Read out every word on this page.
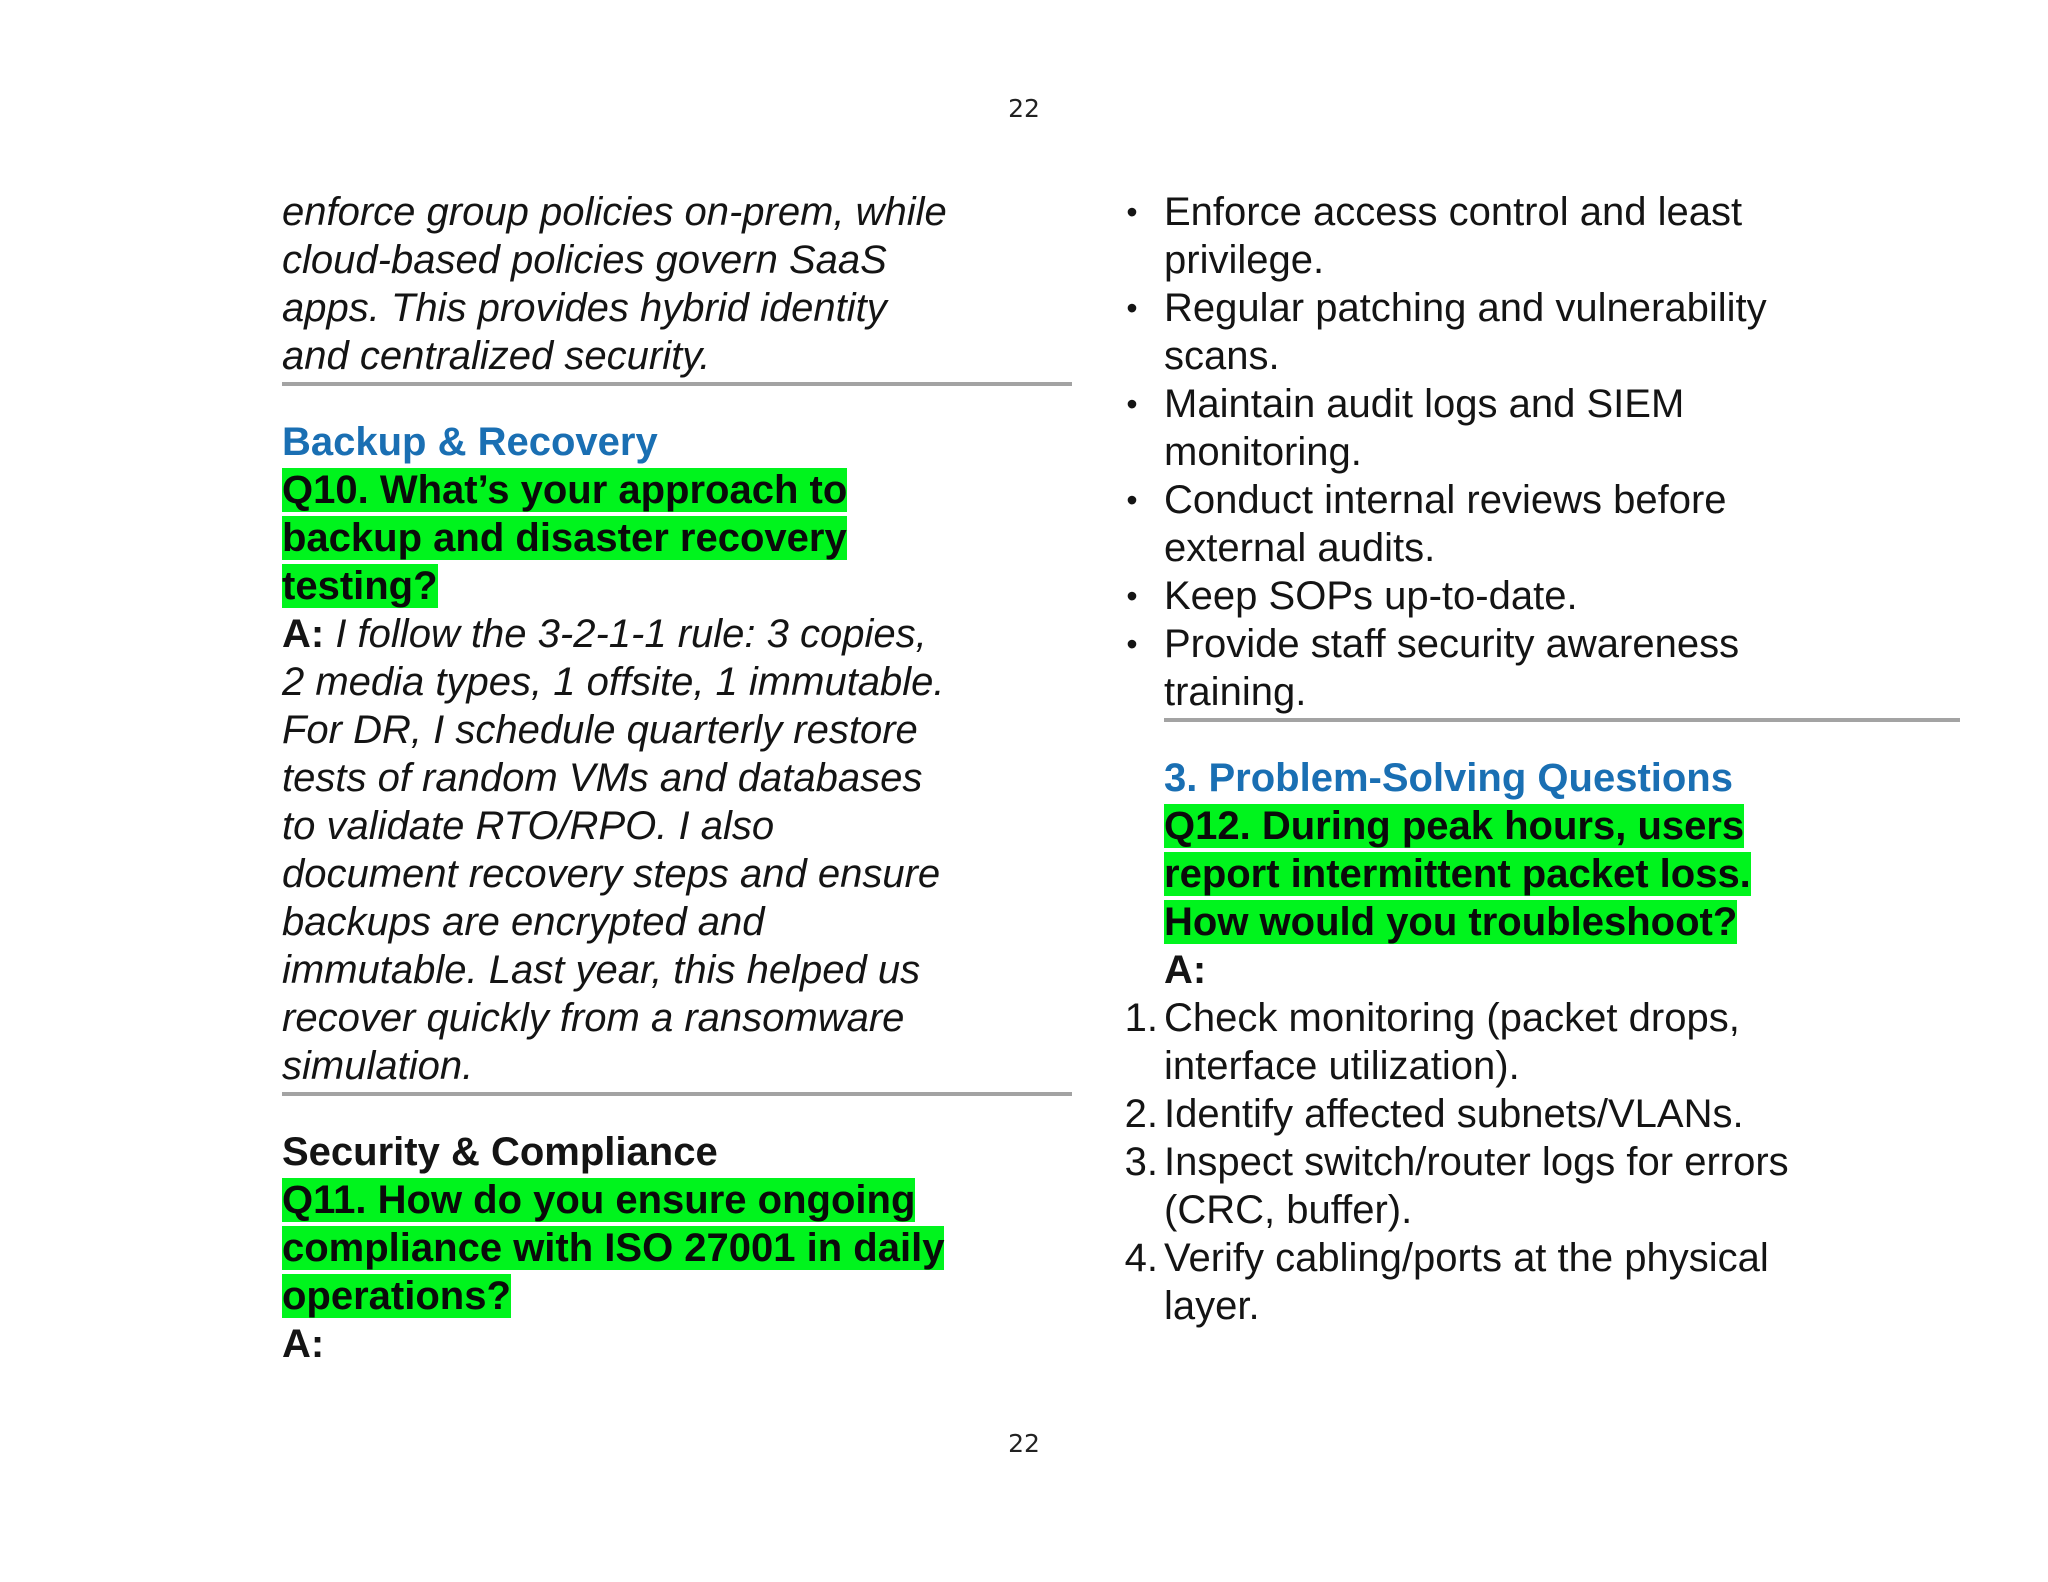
22
enforce group policies on-prem, while
cloud-based policies govern SaaS
apps. This provides hybrid identity
and centralized security.
Backup & Recovery
Q10. What’s your approach to
backup and disaster recovery
testing?
A: I follow the 3-2-1-1 rule: 3 copies,
2 media types, 1 offsite, 1 immutable.
For DR, I schedule quarterly restore
tests of random VMs and databases
to validate RTO/RPO. I also
document recovery steps and ensure
backups are encrypted and
immutable. Last year, this helped us
recover quickly from a ransomware
simulation.
Security & Compliance
Q11. How do you ensure ongoing
compliance with ISO 27001 in daily
operations?
A:
• Enforce access control and least
privilege.
• Regular patching and vulnerability
scans.
• Maintain audit logs and SIEM
monitoring.
• Conduct internal reviews before
external audits.
• Keep SOPs up-to-date.
• Provide staff security awareness
training.
3. Problem-Solving Questions
Q12. During peak hours, users
report intermittent packet loss.
How would you troubleshoot?
A:
1. Check monitoring (packet drops,
interface utilization).
2. Identify affected subnets/VLANs.
3. Inspect switch/router logs for errors
(CRC, buffer).
4. Verify cabling/ports at the physical
layer.
22
